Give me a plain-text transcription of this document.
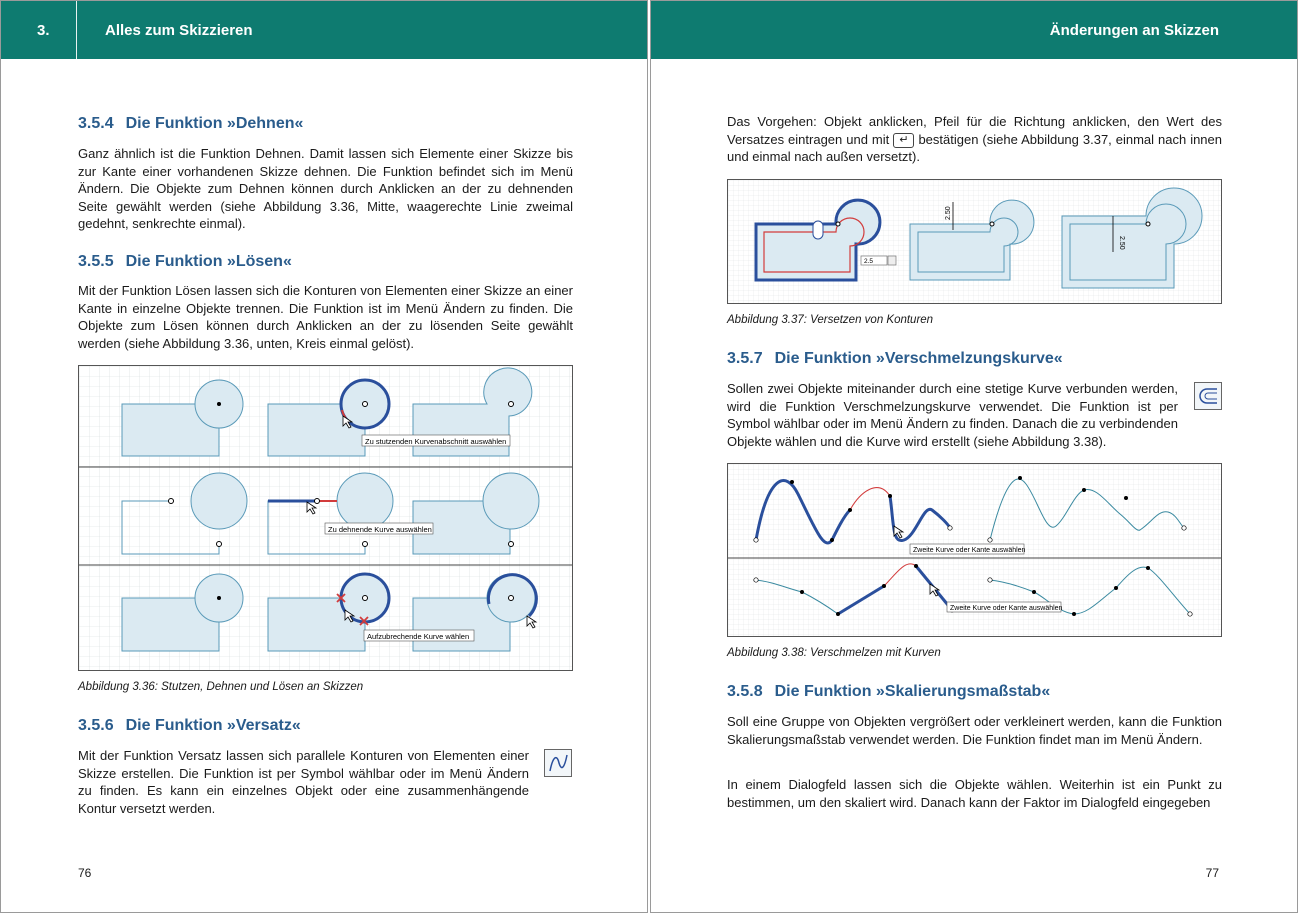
3.	Alles zum Skizzieren
3.5.4 Die Funktion »Dehnen«

Ganz ähnlich ist die Funktion Dehnen. Damit lassen sich Elemente einer Skizze bis zur Kante einer vorhandenen Skizze dehnen. Die Funktion befindet sich im Menü Ändern. Die Objekte zum Dehnen können durch Anklicken an der zu dehnenden Seite gewählt werden (siehe Abbildung 3.36, Mitte, waagerechte Linie zweimal gedehnt, senkrechte einmal).

3.5.5 Die Funktion »Lösen«

Mit der Funktion Lösen lassen sich die Konturen von Elementen einer Skizze an einer Kante in einzelne Objekte trennen. Die Funktion ist im Menü Ändern zu finden. Die Objekte zum Lösen können durch Anklicken an der zu lösenden Seite gewählt werden (siehe Abbildung 3.36, unten, Kreis einmal gelöst).

Zu stutzenden Kurvenabschnitt auswählen
Zu dehnende Kurve auswählen
Aufzubrechende Kurve wählen

Abbildung 3.36: Stutzen, Dehnen und Lösen an Skizzen

3.5.6 Die Funktion »Versatz«

Mit der Funktion Versatz lassen sich parallele Konturen von Elementen einer Skizze erstellen. Die Funktion ist per Symbol wählbar oder im Menü Ändern zu finden. Es kann ein einzelnes Objekt oder eine zusammenhängende Kontur versetzt werden.

76
Änderungen an Skizzen

Das Vorgehen: Objekt anklicken, Pfeil für die Richtung anklicken, den Wert des Versatzes eintragen und mit ↵ bestätigen (siehe Abbildung 3.37, einmal nach innen und einmal nach außen versetzt).

2.5
2.50
2.50

Abbildung 3.37: Versetzen von Konturen

3.5.7 Die Funktion »Verschmelzungskurve«

Sollen zwei Objekte miteinander durch eine stetige Kurve verbunden werden, wird die Funktion Verschmelzungskurve verwendet. Die Funktion ist per Symbol wählbar oder im Menü Ändern zu finden. Danach die zu verbindenden Objekte wählen und die Kurve wird erstellt (siehe Abbildung 3.38).

Zweite Kurve oder Kante auswählen
Zweite Kurve oder Kante auswählen

Abbildung 3.38: Verschmelzen mit Kurven

3.5.8 Die Funktion »Skalierungsmaßstab«

Soll eine Gruppe von Objekten vergrößert oder verkleinert werden, kann die Funktion Skalierungsmaßstab verwendet werden. Die Funktion findet man im Menü Ändern.

In einem Dialogfeld lassen sich die Objekte wählen. Weiterhin ist ein Punkt zu bestimmen, um den skaliert wird. Danach kann der Faktor im Dialogfeld eingegeben

77
